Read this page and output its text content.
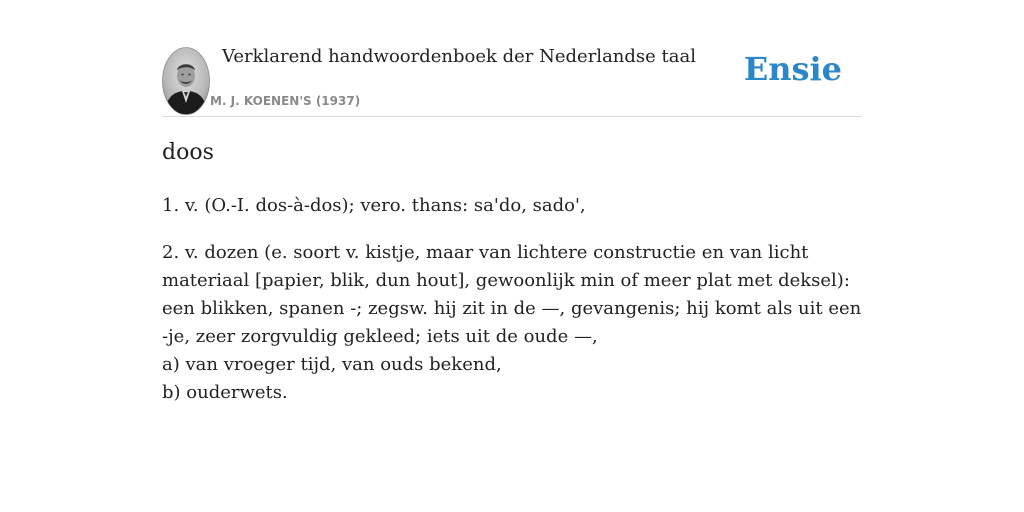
Verklarend handwoordenboek der Nederlandse taal
M. J. KOENEN'S (1937)
Ensie
doos

1. v. (O.-I. dos-à-dos); vero. thans: sa'do, sado',

2. v. dozen (e. soort v. kistje, maar van lichtere constructie en van licht materiaal [papier, blik, dun hout], gewoonlijk min of meer plat met deksel): een blikken, spanen -; zegsw. hij zit in de —, gevangenis; hij komt als uit een -je, zeer zorgvuldig gekleed; iets uit de oude —,
a) van vroeger tijd, van ouds bekend,
b) ouderwets.
